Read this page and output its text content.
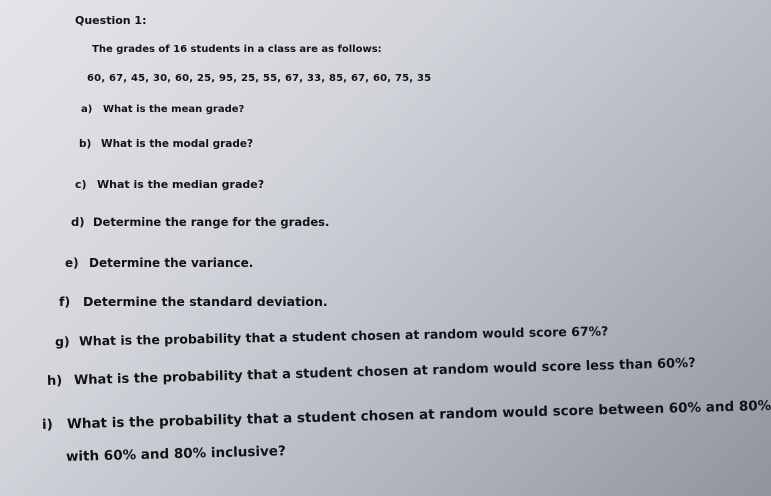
Question 1:
The grades of 16 students in a class are as follows:
60, 67, 45, 30, 60, 25, 95, 25, 55, 67, 33, 85, 67, 60, 75, 35
a)	What is the mean grade?
b) What is the modal grade?
c) What is the median grade?
d) Determine the range for the grades.
e) Determine the variance.
f)	Determine the standard deviation.
g) What is the probability that a student chosen at random would score 67%?
h) What is the probability that a student chosen at random would score less than 60%?
i)	What is the probability that a student chosen at random would score between 60% and 80%
with 60% and 80% inclusive?
